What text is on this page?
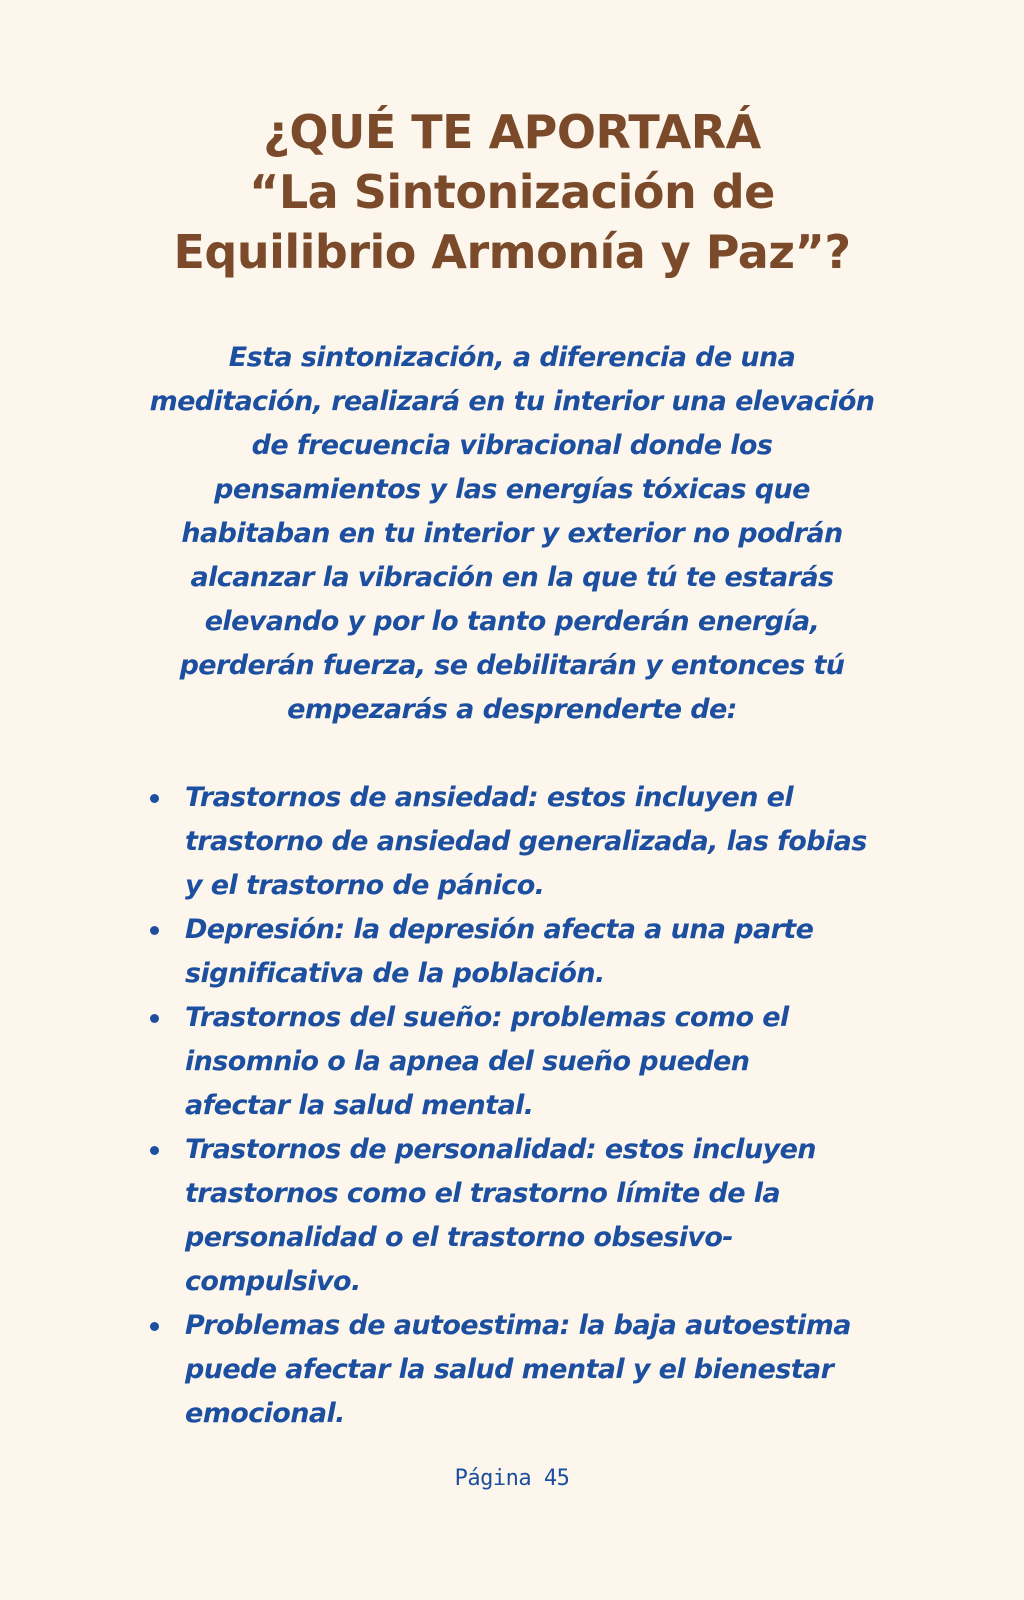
¿QUÉ TE APORTARÁ
“La Sintonización de
Equilibrio Armonía y Paz”?
Esta sintonización, a diferencia de una
meditación, realizará en tu interior una elevación
de frecuencia vibracional donde los
pensamientos y las energías tóxicas que
habitaban en tu interior y exterior no podrán
alcanzar la vibración en la que tú te estarás
elevando y por lo tanto perderán energía,
perderán fuerza, se debilitarán y entonces tú
empezarás a desprenderte de:
Trastornos de ansiedad: estos incluyen el
trastorno de ansiedad generalizada, las fobias
y el trastorno de pánico.
Depresión: la depresión afecta a una parte
significativa de la población.
Trastornos del sueño: problemas como el
insomnio o la apnea del sueño pueden
afectar la salud mental.
Trastornos de personalidad: estos incluyen
trastornos como el trastorno límite de la
personalidad o el trastorno obsesivo-
compulsivo.
Problemas de autoestima: la baja autoestima
puede afectar la salud mental y el bienestar
emocional.
Página 45
